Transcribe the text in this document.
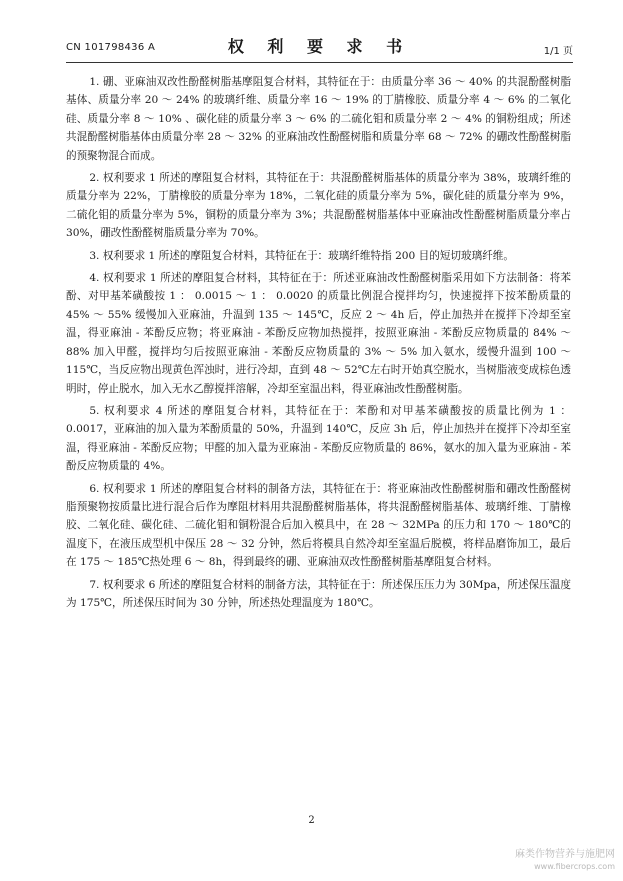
CN 101798436 A	权 利 要 求 书	1/1 页

1. 硼、亚麻油双改性酚醛树脂基摩阻复合材料，其特征在于：由质量分率 36 ～ 40% 的共混酚醛树脂基体、质量分率 20 ～ 24% 的玻璃纤维、质量分率 16 ～ 19% 的丁腈橡胶、质量分率 4 ～ 6% 的二氧化硅、质量分率 8 ～ 10% 、碳化硅的质量分率 3 ～ 6% 的二硫化钼和质量分率 2 ～ 4% 的铜粉组成；所述共混酚醛树脂基体由质量分率 28 ～ 32% 的亚麻油改性酚醛树脂和质量分率 68 ～ 72% 的硼改性酚醛树脂的预聚物混合而成。

2. 权利要求 1 所述的摩阻复合材料，其特征在于：共混酚醛树脂基体的质量分率为 38%，玻璃纤维的质量分率为 22%，丁腈橡胶的质量分率为 18%，二氧化硅的质量分率为 5%，碳化硅的质量分率为 9%，二硫化钼的质量分率为 5%，铜粉的质量分率为 3%；共混酚醛树脂基体中亚麻油改性酚醛树脂质量分率占 30%，硼改性酚醛树脂质量分率为 70%。

3. 权利要求 1 所述的摩阻复合材料，其特征在于：玻璃纤维特指 200 目的短切玻璃纤维。

4. 权利要求 1 所述的摩阻复合材料，其特征在于：所述亚麻油改性酚醛树脂采用如下方法制备：将苯酚、对甲基苯磺酸按 1 ： 0.0015 ～ 1 ： 0.0020 的质量比例混合搅拌均匀，快速搅拌下按苯酚质量的 45% ～ 55% 缓慢加入亚麻油，升温到 135 ～ 145℃，反应 2 ～ 4h 后，停止加热并在搅拌下冷却至室温，得亚麻油 - 苯酚反应物；将亚麻油 - 苯酚反应物加热搅拌，按照亚麻油 - 苯酚反应物质量的 84% ～ 88% 加入甲醛，搅拌均匀后按照亚麻油 - 苯酚反应物质量的 3% ～ 5% 加入氨水，缓慢升温到 100 ～ 115℃，当反应物出现黄色浑浊时，进行冷却，直到 48 ～ 52℃左右时开始真空脱水，当树脂液变成棕色透明时，停止脱水，加入无水乙醇搅拌溶解，冷却至室温出料，得亚麻油改性酚醛树脂。

5. 权利要求 4 所述的摩阻复合材料，其特征在于：苯酚和对甲基苯磺酸按的质量比例为 1 ： 0.0017，亚麻油的加入量为苯酚质量的 50%，升温到 140℃，反应 3h 后，停止加热并在搅拌下冷却至室温，得亚麻油 - 苯酚反应物；甲醛的加入量为亚麻油 - 苯酚反应物质量的 86%，氨水的加入量为亚麻油 - 苯酚反应物质量的 4%。

6. 权利要求 1 所述的摩阻复合材料的制备方法，其特征在于：将亚麻油改性酚醛树脂和硼改性酚醛树脂预聚物按质量比进行混合后作为摩阻材料用共混酚醛树脂基体，将共混酚醛树脂基体、玻璃纤维、丁腈橡胶、二氧化硅、碳化硅、二硫化钼和铜粉混合后加入模具中，在 28 ～ 32MPa 的压力和 170 ～ 180℃的温度下，在液压成型机中保压 28 ～ 32 分钟，然后将模具自然冷却至室温后脱模，将样品磨饰加工，最后在 175 ～ 185℃热处理 6 ～ 8h，得到最终的硼、亚麻油双改性酚醛树脂基摩阻复合材料。

7. 权利要求 6 所述的摩阻复合材料的制备方法，其特征在于：所述保压压力为 30Mpa，所述保压温度为 175℃，所述保压时间为 30 分钟，所述热处理温度为 180℃。

2
麻类作物营养与施肥网
www.fibercrops.com
